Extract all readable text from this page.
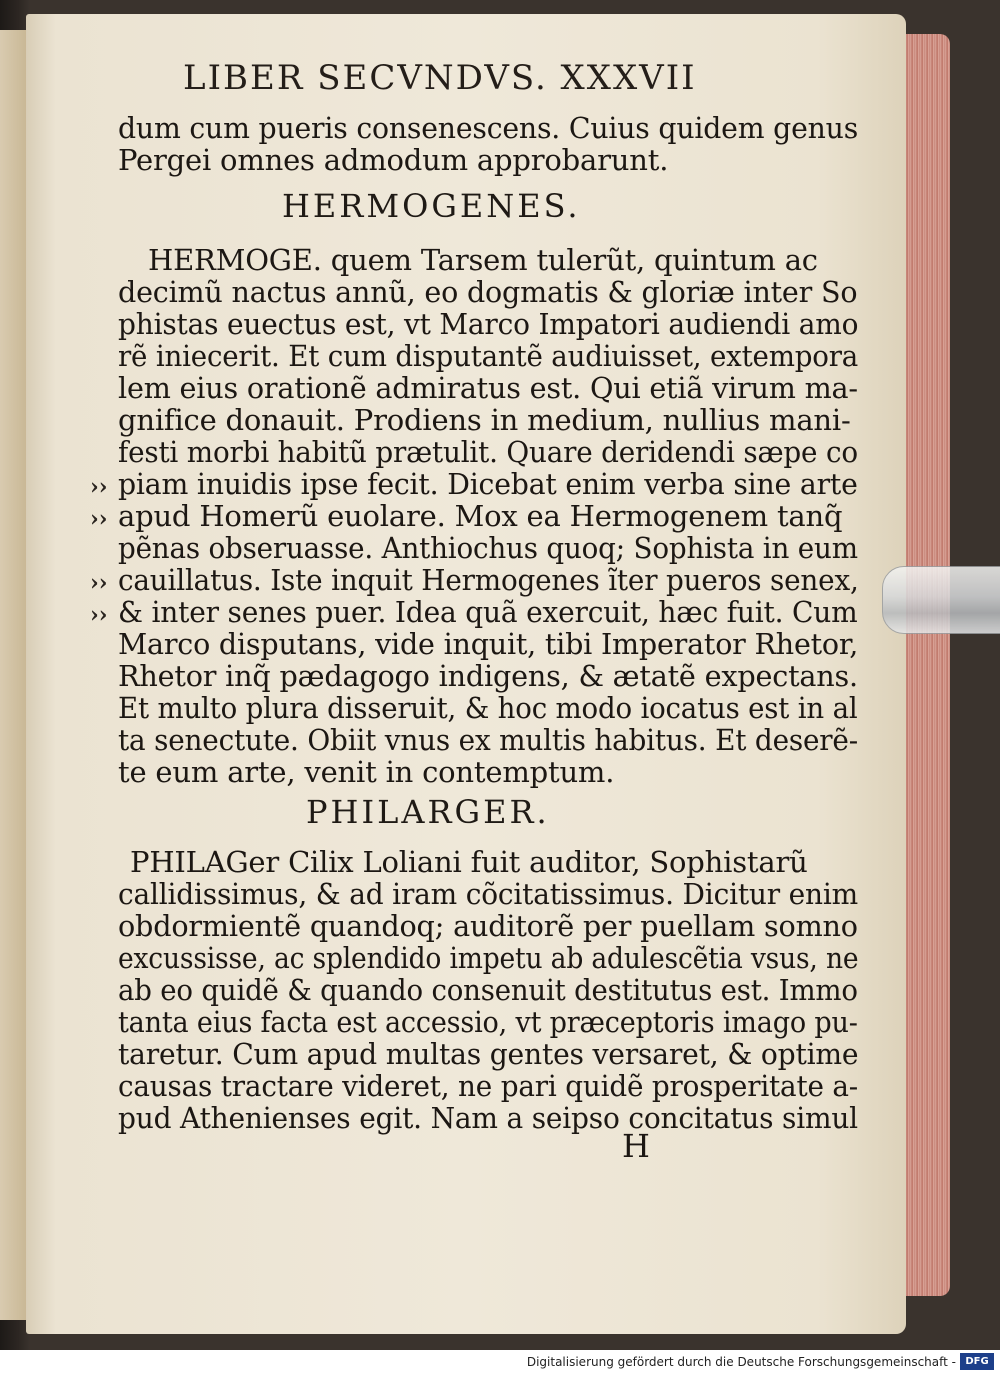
LIBER SECVNDVS. XXXVII
dum cum pueris consenescens. Cuius quidem genus
Pergei omnes admodum approbarunt.
HERMOGENES.
HERMOGE. quem Tarsem tulerũt, quintum ac
decimũ nactus annũ, eo dogmatis & gloriæ inter So
phistas euectus est, vt Marco Impatori audiendi amo
rẽ iniecerit. Et cum disputantẽ audiuisset, extempora
lem eius orationẽ admiratus est. Qui etiã virum ma-
gnifice donauit. Prodiens in medium, nullius mani-
festi morbi habitũ prætulit. Quare deridendi sæpe co
piam inuidis ipse fecit. Dicebat enim verba sine arte
apud Homerũ euolare. Mox ea Hermogenem tanq̃
pẽnas obseruasse. Anthiochus quoq; Sophista in eum
cauillatus. Iste inquit Hermogenes ĩter pueros senex,
& inter senes puer. Idea quã exercuit, hæc fuit. Cum
Marco disputans, vide inquit, tibi Imperator Rhetor,
Rhetor inq̃ pædagogo indigens, & ætatẽ expectans.
Et multo plura disseruit, & hoc modo iocatus est in al
ta senectute. Obiit vnus ex multis habitus. Et deserẽ-
te eum arte, venit in contemptum.
››
››
››
››
PHILARGER.
PHILAGer Cilix Loliani fuit auditor, Sophistarũ
callidissimus, & ad iram cõcitatissimus. Dicitur enim
obdormientẽ quandoq; auditorẽ per puellam somno
excussisse, ac splendido impetu ab adulescẽtia vsus, ne
ab eo quidẽ & quando consenuit destitutus est. Immo
tanta eius facta est accessio, vt præceptoris imago pu-
taretur. Cum apud multas gentes versaret, & optime
causas tractare videret, ne pari quidẽ prosperitate a-
pud Athenienses egit. Nam a seipso concitatus simul
H
Digitalisierung gefördert durch die Deutsche Forschungsgemeinschaft - DFG
